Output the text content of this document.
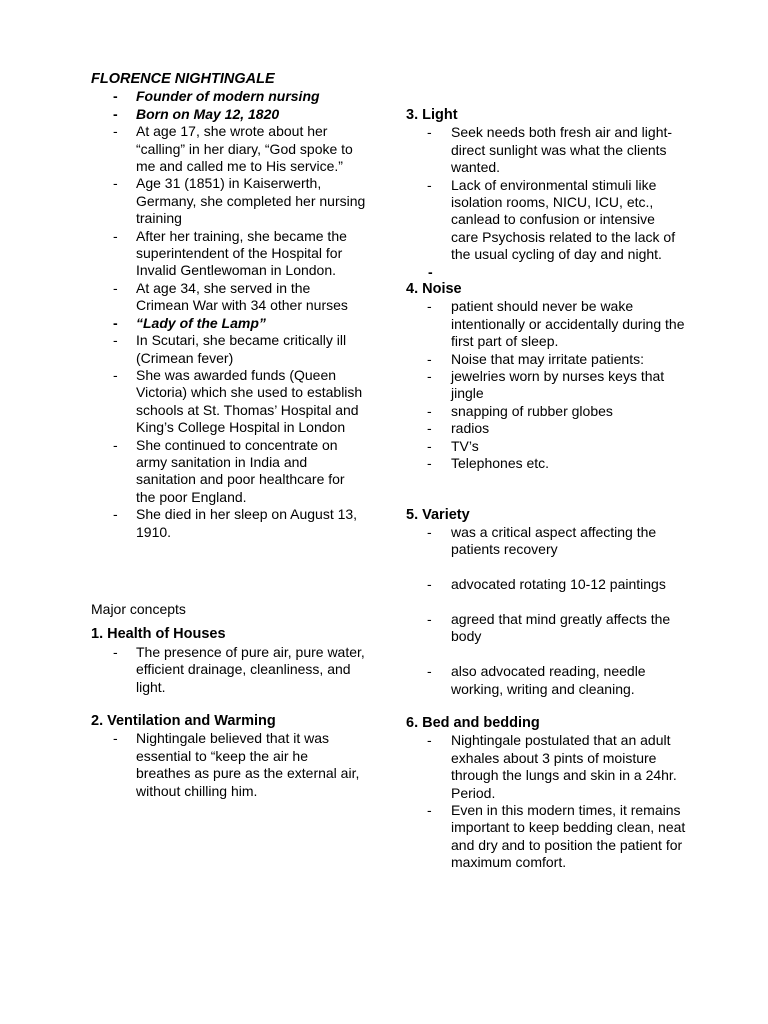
FLORENCE NIGHTINGALE
- Founder of modern nursing
- Born on May 12, 1820
- At age 17, she wrote about her “calling” in her diary, “God spoke to me and called me to His service.”
- Age 31 (1851) in Kaiserwerth, Germany, she completed her nursing training
- After her training, she became the superintendent of the Hospital for Invalid Gentlewoman in London.
- At age 34, she served in the Crimean War with 34 other nurses
- “Lady of the Lamp”
- In Scutari, she became critically ill (Crimean fever)
- She was awarded funds (Queen Victoria) which she used to establish schools at St. Thomas’ Hospital and King’s College Hospital in London
- She continued to concentrate on army sanitation in India and sanitation and poor healthcare for the poor England.
- She died in her sleep on August 13, 1910.
Major concepts
1. Health of Houses
- The presence of pure air, pure water, efficient drainage, cleanliness, and light.
2. Ventilation and Warming
- Nightingale believed that it was essential to “keep the air he breathes as pure as the external air, without chilling him.
3. Light
- Seek needs both fresh air and light-direct sunlight was what the clients wanted.
- Lack of environmental stimuli like isolation rooms, NICU, ICU, etc., canlead to confusion or intensive care Psychosis related to the lack of the usual cycling of day and night.
-
4. Noise
- patient should never be wake intentionally or accidentally during the first part of sleep.
- Noise that may irritate patients:
- jewelries worn by nurses keys that jingle
- snapping of rubber globes
- radios
- TV’s
- Telephones etc.
5. Variety
- was a critical aspect affecting the patients recovery
- advocated rotating 10-12 paintings
- agreed that mind greatly affects the body
- also advocated reading, needle working, writing and cleaning.
6. Bed and bedding
- Nightingale postulated that an adult exhales about 3 pints of moisture through the lungs and skin in a 24hr. Period.
- Even in this modern times, it remains important to keep bedding clean, neat and dry and to position the patient for maximum comfort.
